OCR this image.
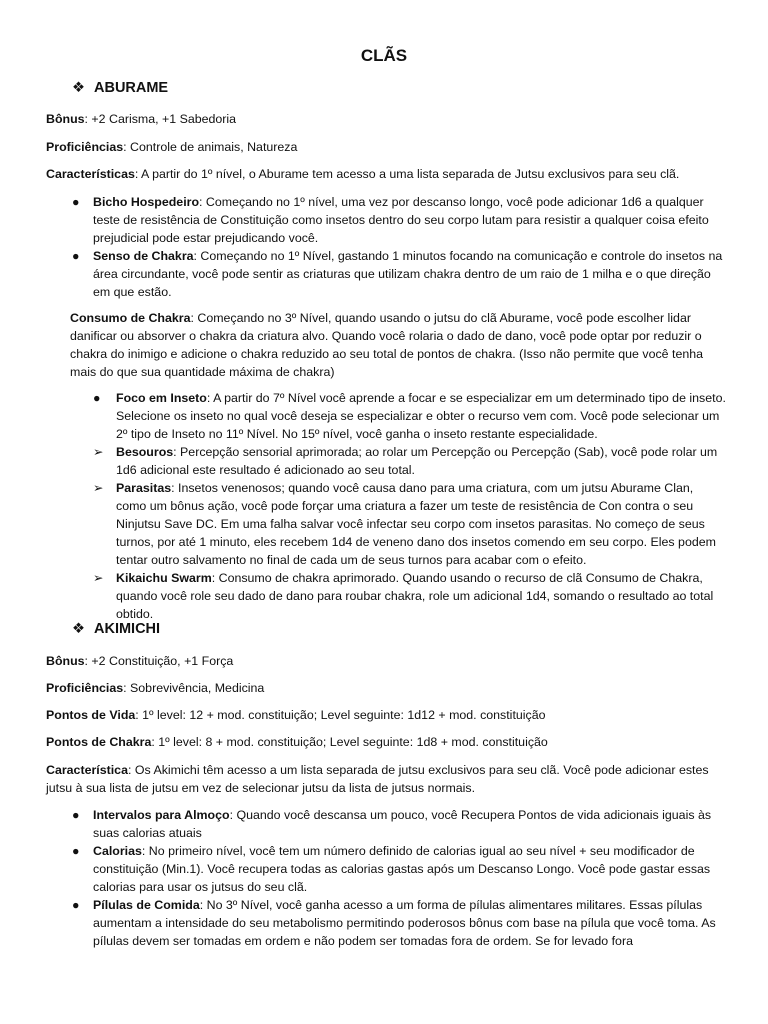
CLÃS
❖ ABURAME
Bônus: +2 Carisma, +1 Sabedoria
Proficiências: Controle de animais, Natureza
Características: A partir do 1º nível, o Aburame tem acesso a uma lista separada de Jutsu exclusivos para seu clã.
● Bicho Hospedeiro: Começando no 1º nível, uma vez por descanso longo, você pode adicionar 1d6 a qualquer teste de resistência de Constituição como insetos dentro do seu corpo lutam para resistir a qualquer coisa efeito prejudicial pode estar prejudicando você.
● Senso de Chakra: Começando no 1º Nível, gastando 1 minutos focando na comunicação e controle do insetos na área circundante, você pode sentir as criaturas que utilizam chakra dentro de um raio de 1 milha e o que direção em que estão.
Consumo de Chakra: Começando no 3º Nível, quando usando o jutsu do clã Aburame, você pode escolher lidar danificar ou absorver o chakra da criatura alvo. Quando você rolaria o dado de dano, você pode optar por reduzir o chakra do inimigo e adicione o chakra reduzido ao seu total de pontos de chakra. (Isso não permite que você tenha mais do que sua quantidade máxima de chakra)
● Foco em Inseto: A partir do 7º Nível você aprende a focar e se especializar em um determinado tipo de inseto. Selecione os inseto no qual você deseja se especializar e obter o recurso vem com. Você pode selecionar um 2º tipo de Inseto no 11º Nível. No 15º nível, você ganha o inseto restante especialidade.
➢ Besouros: Percepção sensorial aprimorada; ao rolar um Percepção ou Percepção (Sab), você pode rolar um 1d6 adicional este resultado é adicionado ao seu total.
➢ Parasitas: Insetos venenosos; quando você causa dano para uma criatura, com um jutsu Aburame Clan, como um bônus ação, você pode forçar uma criatura a fazer um teste de resistência de Con contra o seu Ninjutsu Save DC. Em uma falha salvar você infectar seu corpo com insetos parasitas. No começo de seus turnos, por até 1 minuto, eles recebem 1d4 de veneno dano dos insetos comendo em seu corpo. Eles podem tentar outro salvamento no final de cada um de seus turnos para acabar com o efeito.
➢ Kikaichu Swarm: Consumo de chakra aprimorado. Quando usando o recurso de clã Consumo de Chakra, quando você role seu dado de dano para roubar chakra, role um adicional 1d4, somando o resultado ao total obtido.
❖ AKIMICHI
Bônus: +2 Constituição, +1 Força
Proficiências: Sobrevivência, Medicina
Pontos de Vida: 1º level: 12 + mod. constituição; Level seguinte: 1d12 + mod. constituição
Pontos de Chakra: 1º level: 8 + mod. constituição; Level seguinte: 1d8 + mod. constituição
Característica: Os Akimichi têm acesso a um lista separada de jutsu exclusivos para seu clã. Você pode adicionar estes jutsu à sua lista de jutsu em vez de selecionar jutsu da lista de jutsus normais.
● Intervalos para Almoço: Quando você descansa um pouco, você Recupera Pontos de vida adicionais iguais às suas calorias atuais
● Calorias: No primeiro nível, você tem um número definido de calorias igual ao seu nível + seu modificador de constituição (Min.1). Você recupera todas as calorias gastas após um Descanso Longo. Você pode gastar essas calorias para usar os jutsus do seu clã.
● Pílulas de Comida: No 3º Nível, você ganha acesso a um forma de pílulas alimentares militares. Essas pílulas aumentam a intensidade do seu metabolismo permitindo poderosos bônus com base na pílula que você toma. As pílulas devem ser tomadas em ordem e não podem ser tomadas fora de ordem. Se for levado fora
